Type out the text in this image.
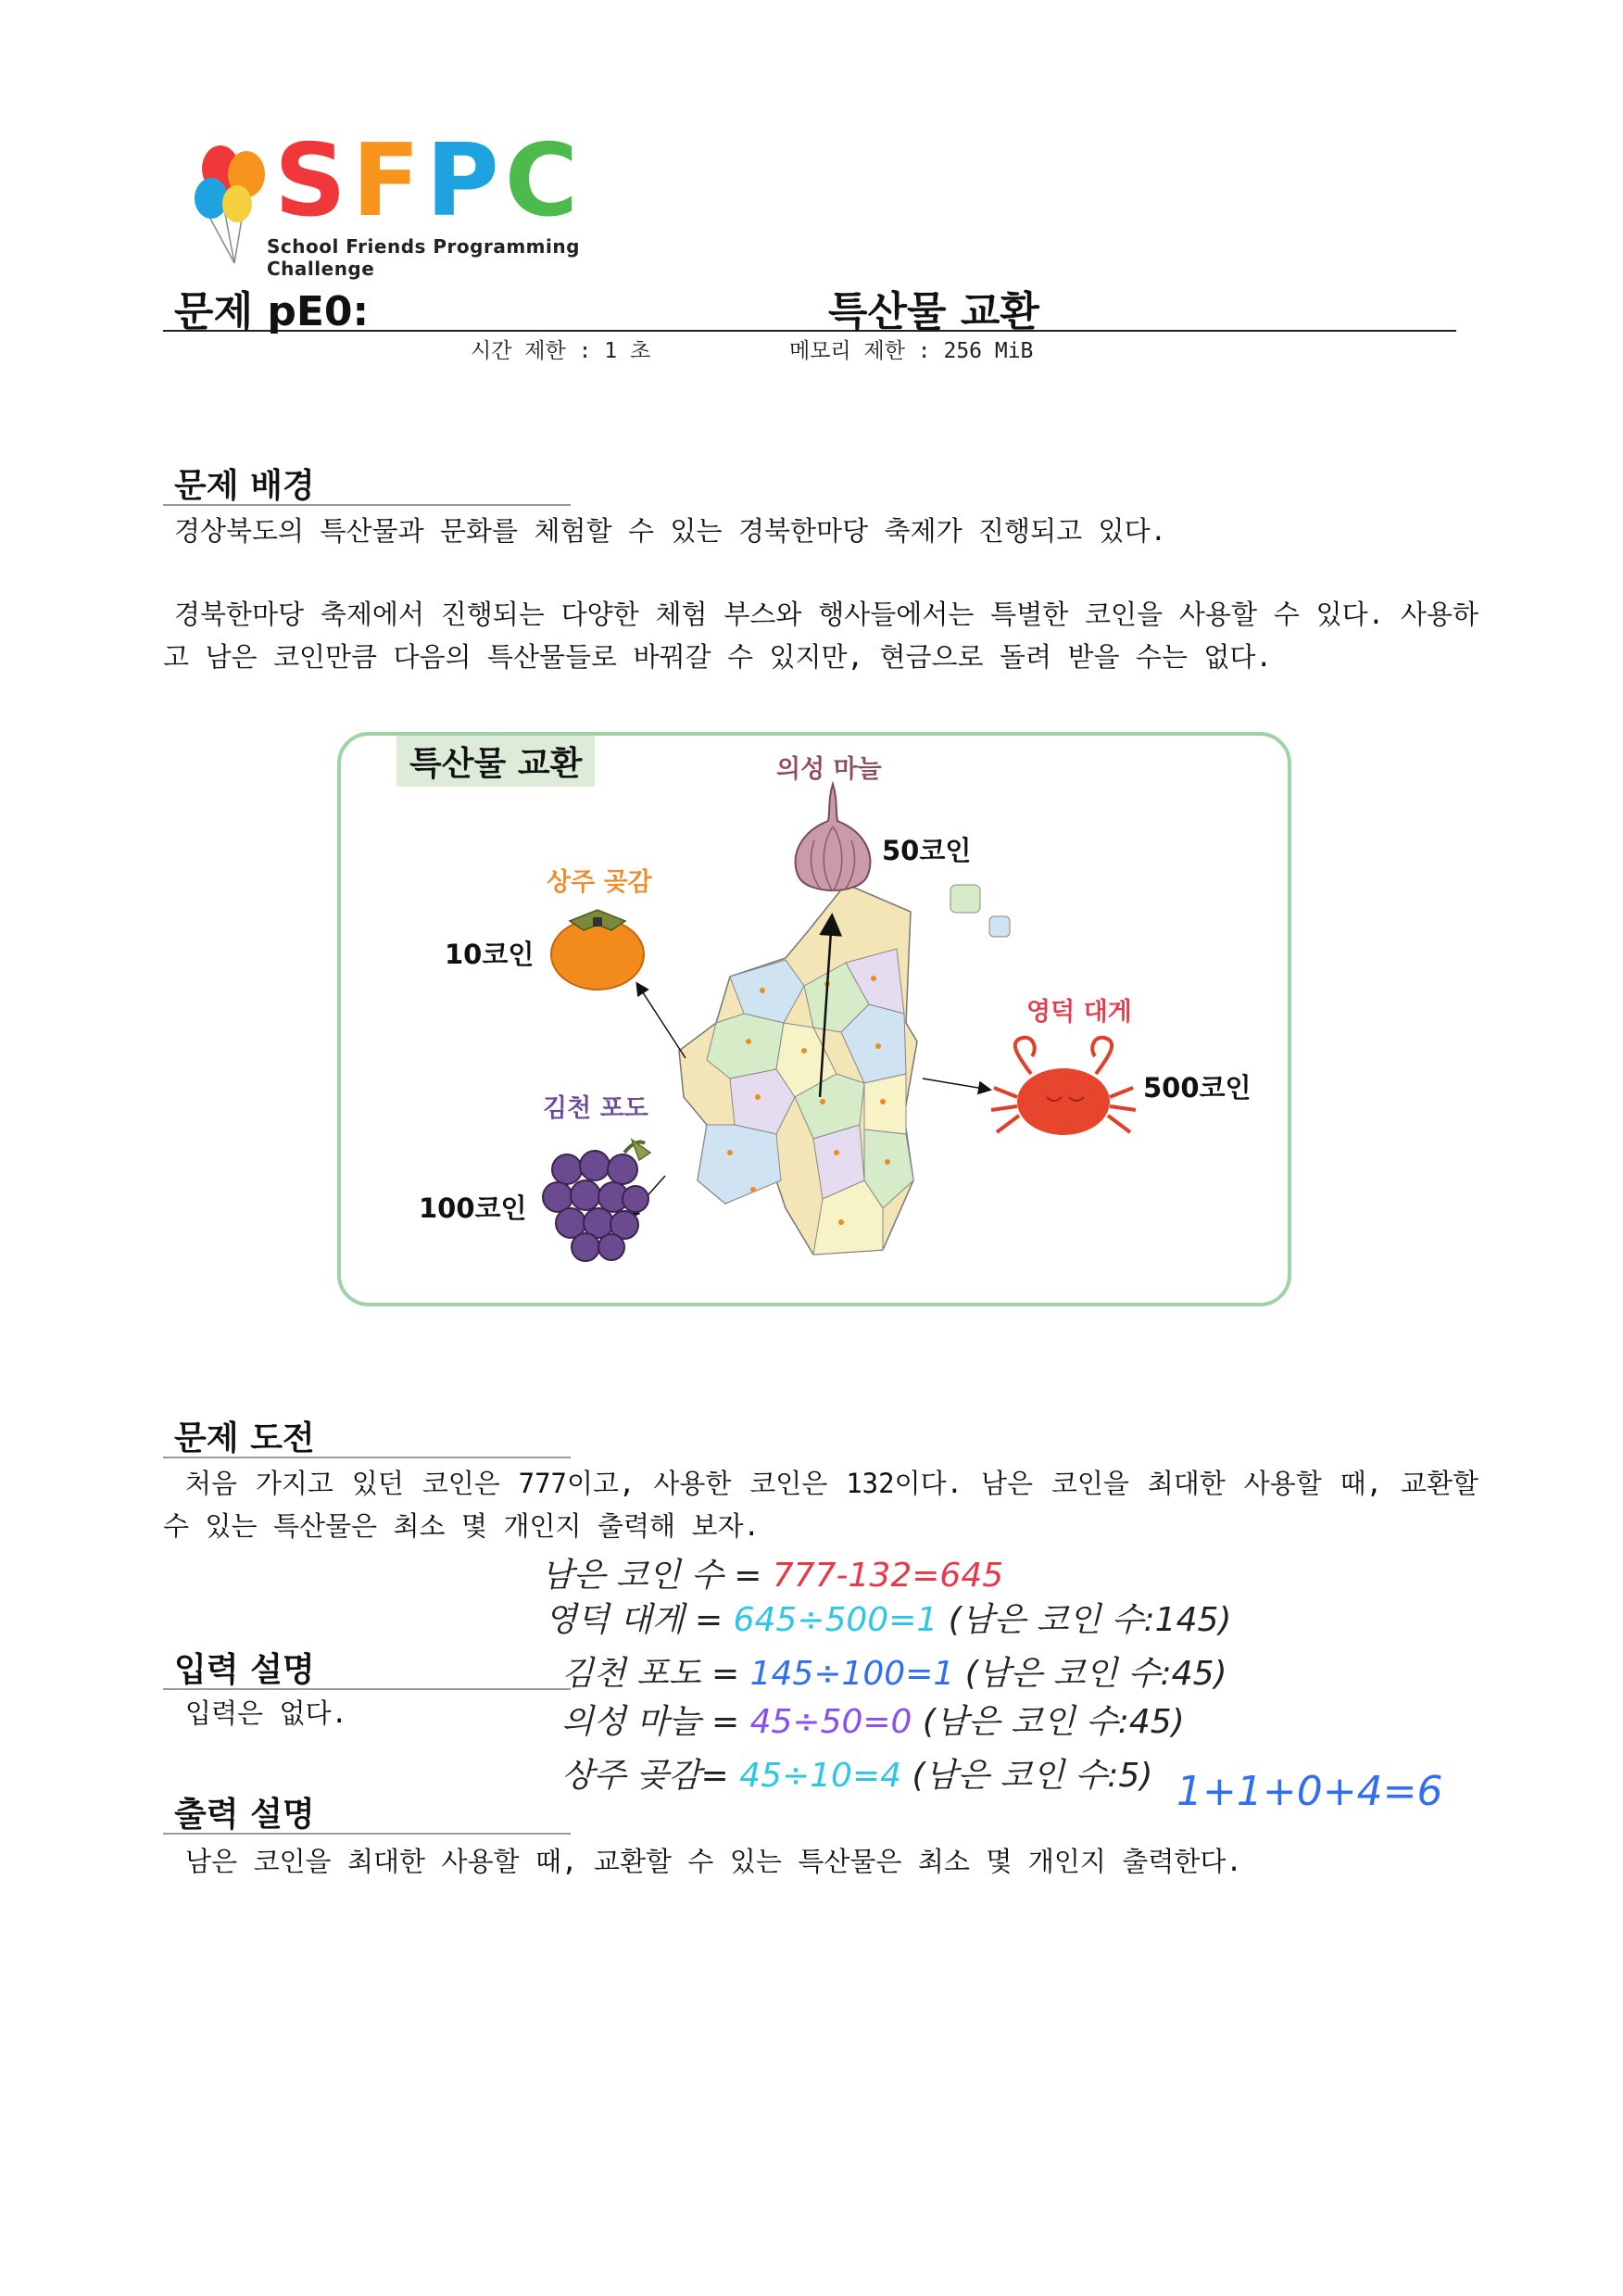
SFPC
School Friends Programming Challenge
문제 pE0:	특산물 교환
시간 제한 : 1 초	메모리 제한 : 256 MiB
문제 배경

경상북도의 특산물과 문화를 체험할 수 있는 경북한마당 축제가 진행되고 있다.

경북한마당 축제에서 진행되는 다양한 체험 부스와 행사들에서는 특별한 코인을 사용할 수 있다. 사용하고 남은 코인만큼 다음의 특산물들로 바꿔갈 수 있지만, 현금으로 돌려 받을 수는 없다.

특산물 교환	의성 마늘
50코인
상주 곶감
10코인
영덕 대게
500코인
김천 포도
100코인
문제 도전

처음 가지고 있던 코인은 777이고, 사용한 코인은 132이다. 남은 코인을 최대한 사용할 때, 교환할 수 있는 특산물은 최소 몇 개인지 출력해 보자.

남은 코인 수 = 777-132=645
영덕 대게 = 645÷500=1 (남은 코인 수:145)
김천 포도 = 145÷100=1 (남은 코인 수:45)
의성 마늘 = 45÷50=0 (남은 코인 수:45)
상주 곶감= 45÷10=4 (남은 코인 수:5) 1+1+0+4=6
입력 설명

입력은 없다.

출력 설명

남은 코인을 최대한 사용할 때, 교환할 수 있는 특산물은 최소 몇 개인지 출력한다.
